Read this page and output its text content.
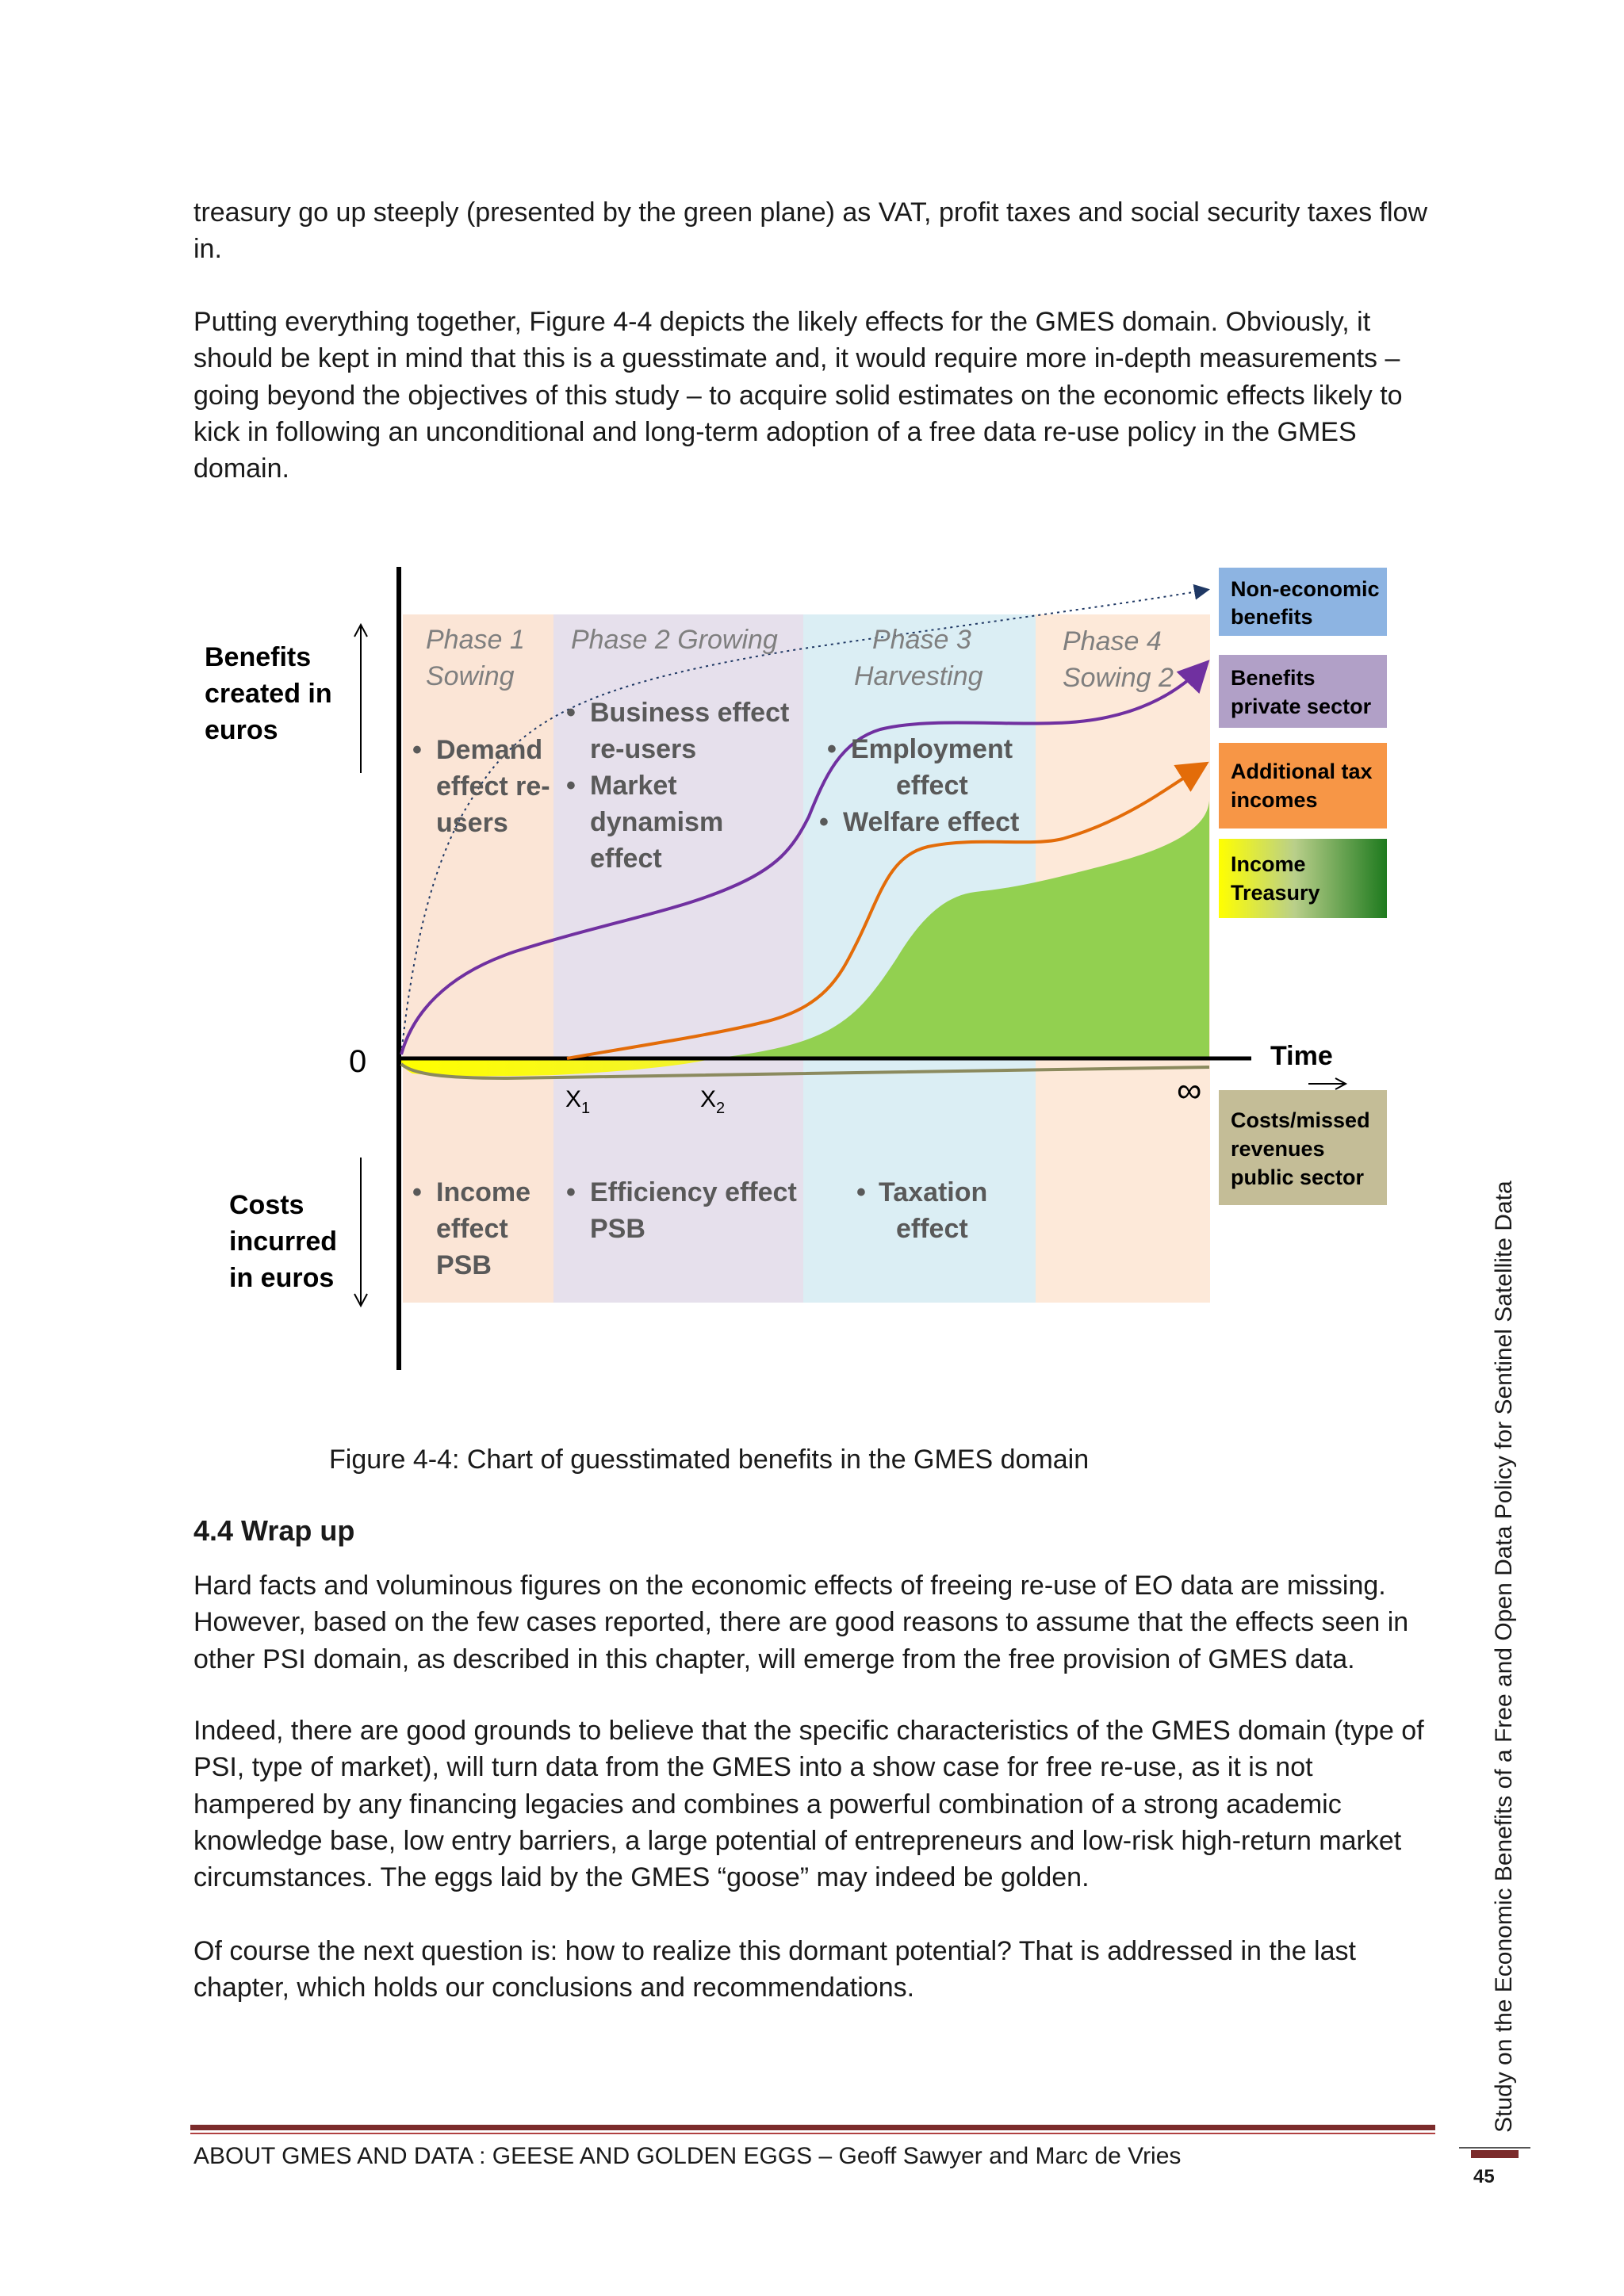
treasury go up steeply (presented by the green plane) as VAT, profit taxes and social security taxes flow in.

Putting everything together, Figure 4-4 depicts the likely effects for the GMES domain. Obviously, it should be kept in mind that this is a guesstimate and, it would require more in-depth measurements – going beyond the objectives of this study – to acquire solid estimates on the economic effects likely to kick in following an unconditional and long-term adoption of a free data re-use policy in the GMES domain.

Benefits
created in
euros
Costs
incurred
in euros
Time
0
∞
$X_1$	$X_2$
Phase 1
Sowing
Phase 2 Growing	Phase 3
Harvesting
Phase 4
Sowing 2
• Demand
effect re-
users
• Business effect
re-users
• Market
dynamism
effect
• Employment
effect
• Welfare effect
• Income
effect
PSB
• Efficiency effect
PSB
• Taxation
effect
Non-economic
benefits
Benefits
private sector
Additional tax
incomes
Income
Treasury
Costs/missed
revenues
public sector

Figure 4-4: Chart of guesstimated benefits in the GMES domain

4.4 Wrap up

Hard facts and voluminous figures on the economic effects of freeing re-use of EO data are missing. However, based on the few cases reported, there are good reasons to assume that the effects seen in other PSI domain, as described in this chapter, will emerge from the free provision of GMES data.

Indeed, there are good grounds to believe that the specific characteristics of the GMES domain (type of PSI, type of market), will turn data from the GMES into a show case for free re-use, as it is not hampered by any financing legacies and combines a powerful combination of a strong academic knowledge base, low entry barriers, a large potential of entrepreneurs and low-risk high-return market circumstances. The eggs laid by the GMES “goose” may indeed be golden.

Of course the next question is: how to realize this dormant potential? That is addressed in the last chapter, which holds our conclusions and recommendations.	Study on the Economic Benefits of a Free and Open Data Policy for Sentinel Satellite Data
ABOUT GMES AND DATA : GEESE AND GOLDEN EGGS – Geoff Sawyer and Marc de Vries
45
